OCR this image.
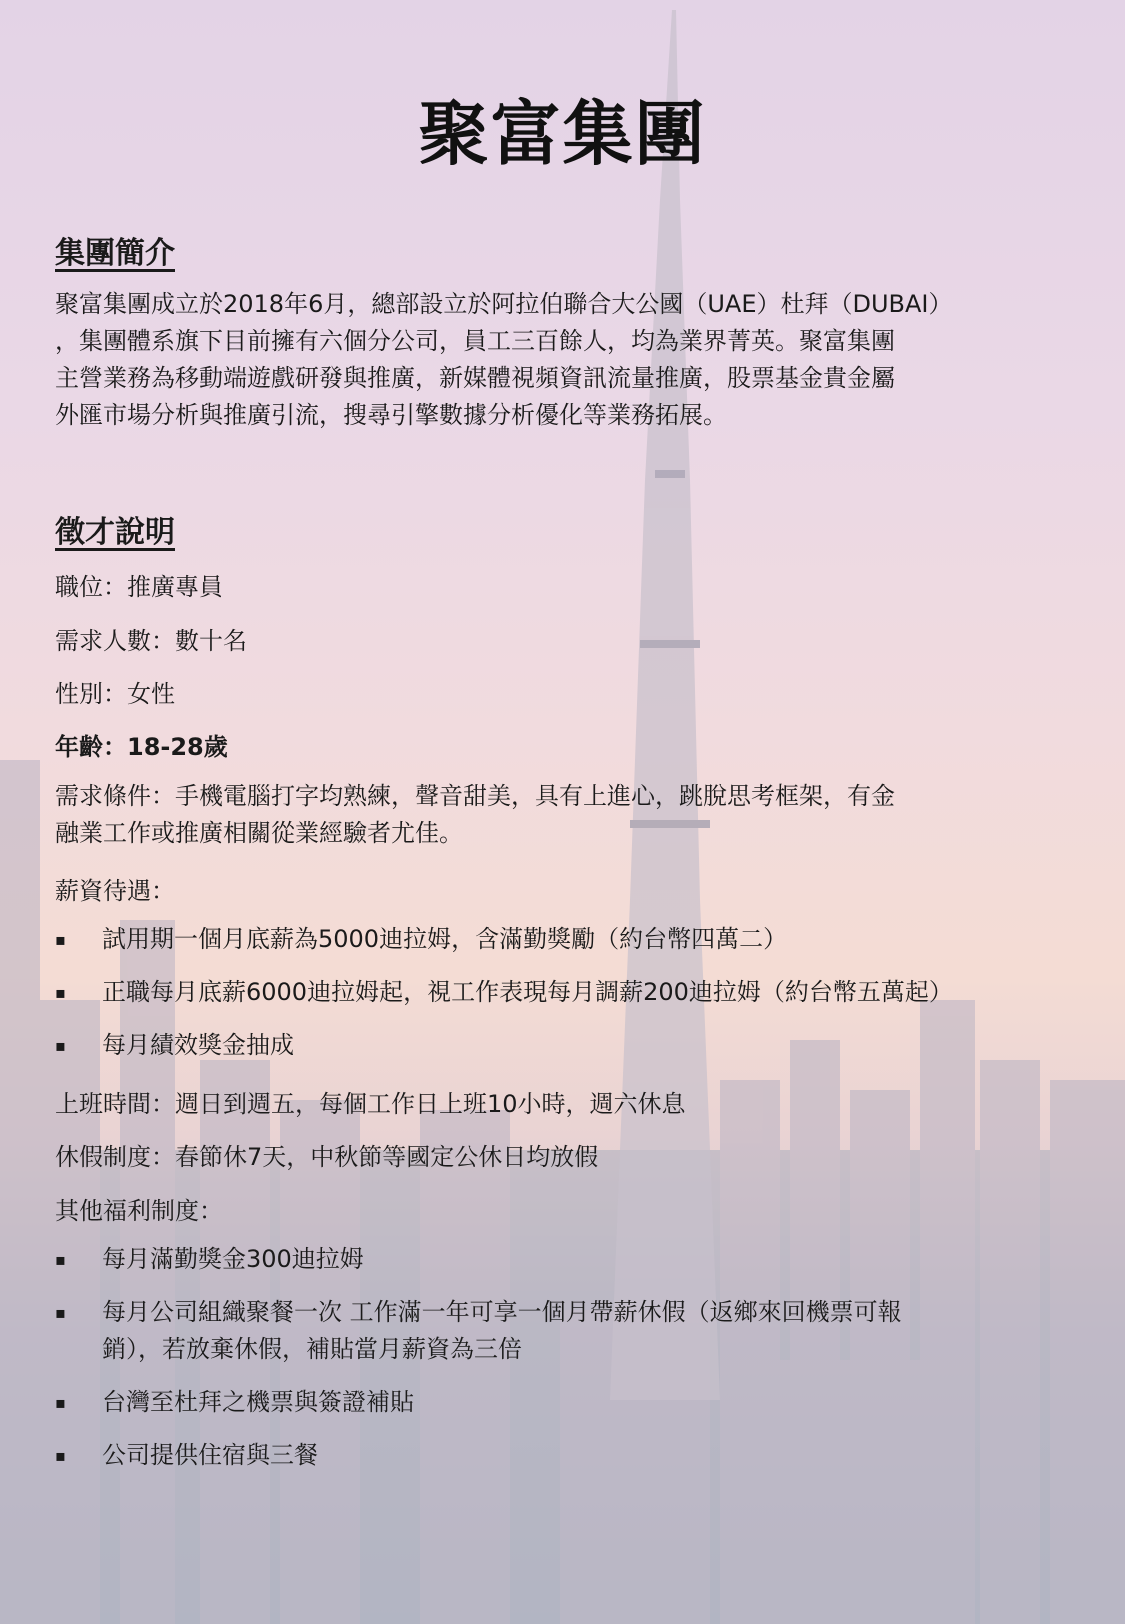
聚富集團
集團簡介
聚富集團成立於2018年6月，總部設立於阿拉伯聯合大公國（UAE）杜拜（DUBAI）
，集團體系旗下目前擁有六個分公司，員工三百餘人，均為業界菁英。聚富集團
主營業務為移動端遊戲研發與推廣，新媒體視頻資訊流量推廣，股票基金貴金屬
外匯市場分析與推廣引流，搜尋引擎數據分析優化等業務拓展。
徵才說明
職位：推廣專員
需求人數：數十名
性別：女性
年齡：18-28歲
需求條件：手機電腦打字均熟練，聲音甜美，具有上進心，跳脫思考框架，有金
融業工作或推廣相關從業經驗者尤佳。
薪資待遇：
▪ 試用期一個月底薪為5000迪拉姆，含滿勤獎勵（約台幣四萬二）
▪ 正職每月底薪6000迪拉姆起，視工作表現每月調薪200迪拉姆（約台幣五萬起）
▪ 每月績效獎金抽成
上班時間：週日到週五，每個工作日上班10小時，週六休息
休假制度：春節休7天，中秋節等國定公休日均放假
其他福利制度：
▪ 每月滿勤獎金300迪拉姆
▪ 每月公司組織聚餐一次 工作滿一年可享一個月帶薪休假（返鄉來回機票可報
銷），若放棄休假，補貼當月薪資為三倍
▪ 台灣至杜拜之機票與簽證補貼
▪ 公司提供住宿與三餐
